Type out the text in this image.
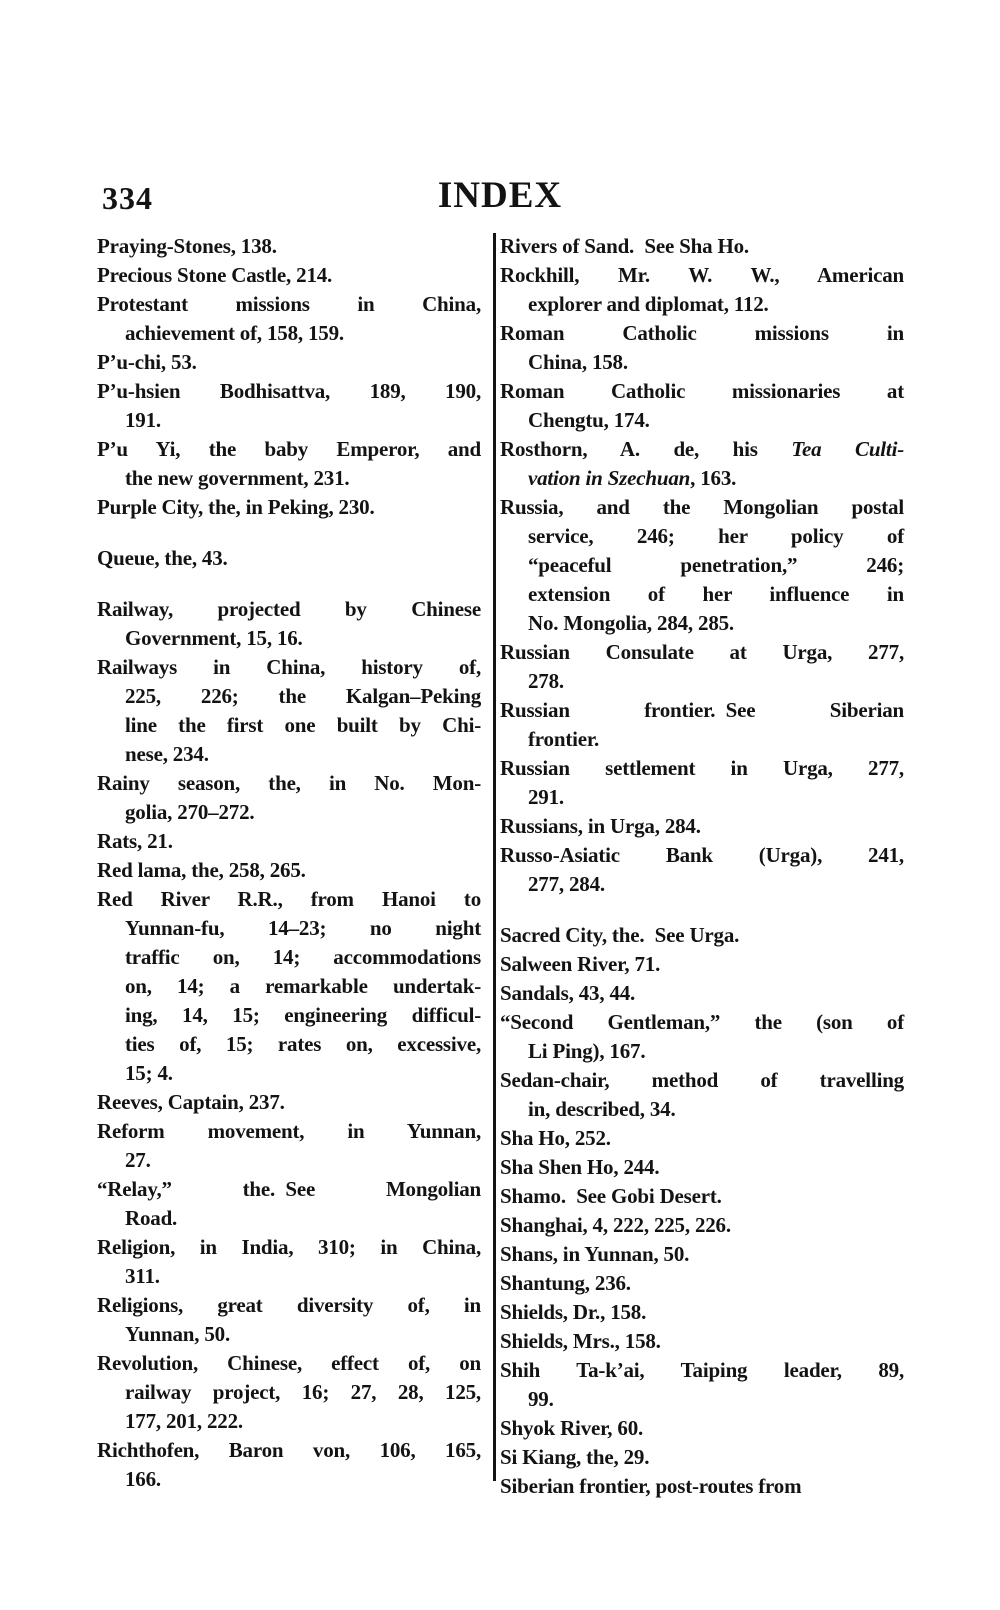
334	INDEX
Praying-Stones, 138.
Precious Stone Castle, 214.
Protestant missions in China,
achievement of, 158, 159.
P’u-chi, 53.
P’u-hsien Bodhisattva, 189, 190,
191.
P’u Yi, the baby Emperor, and
the new government, 231.
Purple City, the, in Peking, 230.
Queue, the, 43.
Railway, projected by Chinese
Government, 15, 16.
Railways in China, history of,
225, 226; the Kalgan–Peking
line the first one built by Chi-
nese, 234.
Rainy season, the, in No. Mon-
golia, 270–272.
Rats, 21.
Red lama, the, 258, 265.
Red River R.R., from Hanoi to
Yunnan-fu, 14–23; no night
traffic on, 14; accommodations
on, 14; a remarkable undertak-
ing, 14, 15; engineering difficul-
ties of, 15; rates on, excessive,
15; 4.
Reeves, Captain, 237.
Reform movement, in Yunnan,
27.
“Relay,” the. See Mongolian
Road.
Religion, in India, 310; in China,
311.
Religions, great diversity of, in
Yunnan, 50.
Revolution, Chinese, effect of, on
railway project, 16; 27, 28, 125,
177, 201, 222.
Richthofen, Baron von, 106, 165,
166.
Rivers of Sand. See Sha Ho.
Rockhill, Mr. W. W., American
explorer and diplomat, 112.
Roman Catholic missions in
China, 158.
Roman Catholic missionaries at
Chengtu, 174.
Rosthorn, A. de, his Tea Culti-
vation in Szechuan, 163.
Russia, and the Mongolian postal
service, 246; her policy of
“peaceful penetration,” 246;
extension of her influence in
No. Mongolia, 284, 285.
Russian Consulate at Urga, 277,
278.
Russian frontier. See Siberian
frontier.
Russian settlement in Urga, 277,
291.
Russians, in Urga, 284.
Russo-Asiatic Bank (Urga), 241,
277, 284.
Sacred City, the. See Urga.
Salween River, 71.
Sandals, 43, 44.
“Second Gentleman,” the (son of
Li Ping), 167.
Sedan-chair, method of travelling
in, described, 34.
Sha Ho, 252.
Sha Shen Ho, 244.
Shamo. See Gobi Desert.
Shanghai, 4, 222, 225, 226.
Shans, in Yunnan, 50.
Shantung, 236.
Shields, Dr., 158.
Shields, Mrs., 158.
Shih Ta-k’ai, Taiping leader, 89,
99.
Shyok River, 60.
Si Kiang, the, 29.
Siberian frontier, post-routes from
